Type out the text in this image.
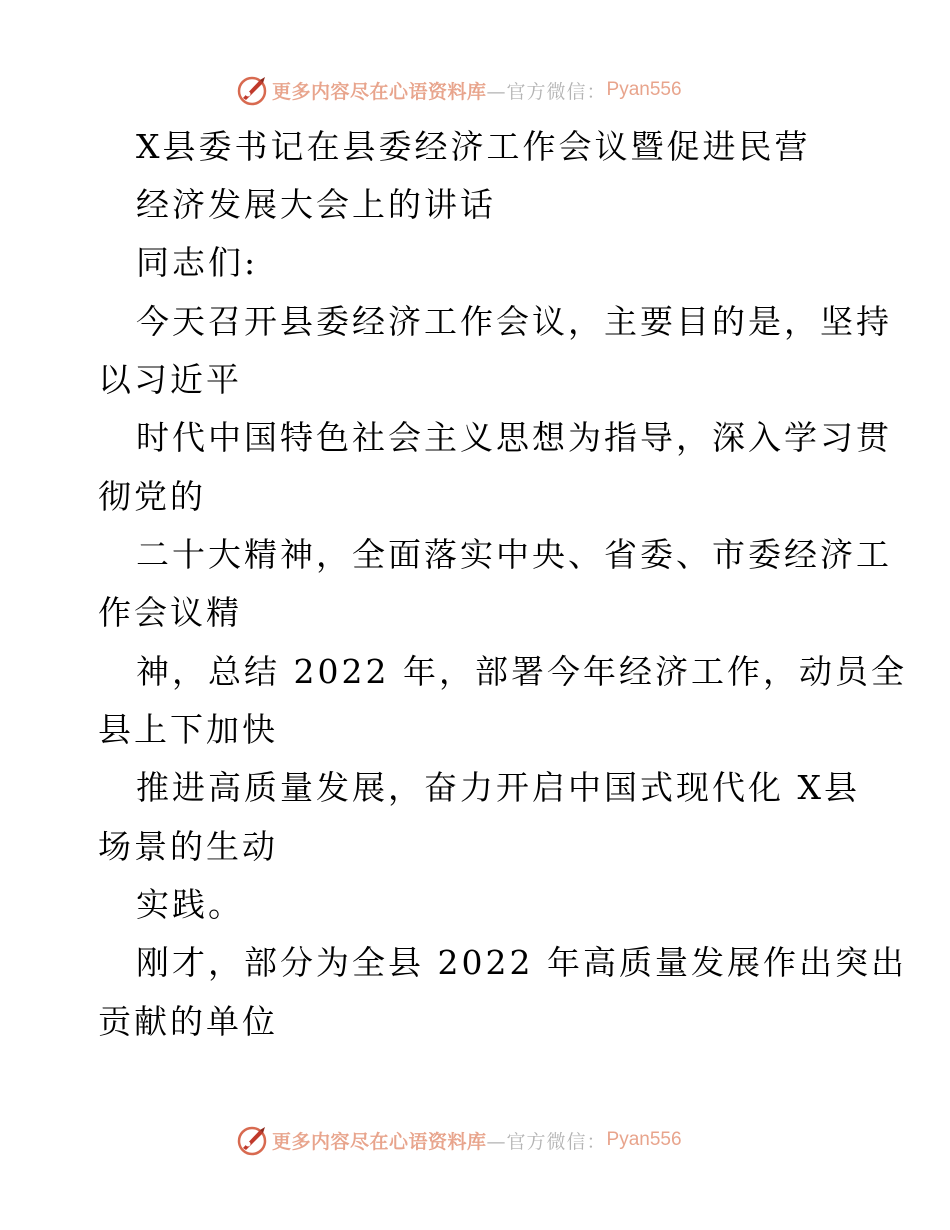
更多内容尽在心语资料库 —官方微信： Pyan556
X县委书记在县委经济工作会议暨促进民营
经济发展大会上的讲话
同志们:
今天召开县委经济工作会议，主要目的是，坚持
以习近平
时代中国特色社会主义思想为指导，深入学习贯
彻党的
二十大精神，全面落实中央、省委、市委经济工
作会议精
神，总结 2022 年，部署今年经济工作，动员全
县上下加快
推进高质量发展，奋力开启中国式现代化 X县
场景的生动
实践。
刚才，部分为全县 2022 年高质量发展作出突出
贡献的单位
更多内容尽在心语资料库 —官方微信： Pyan556
